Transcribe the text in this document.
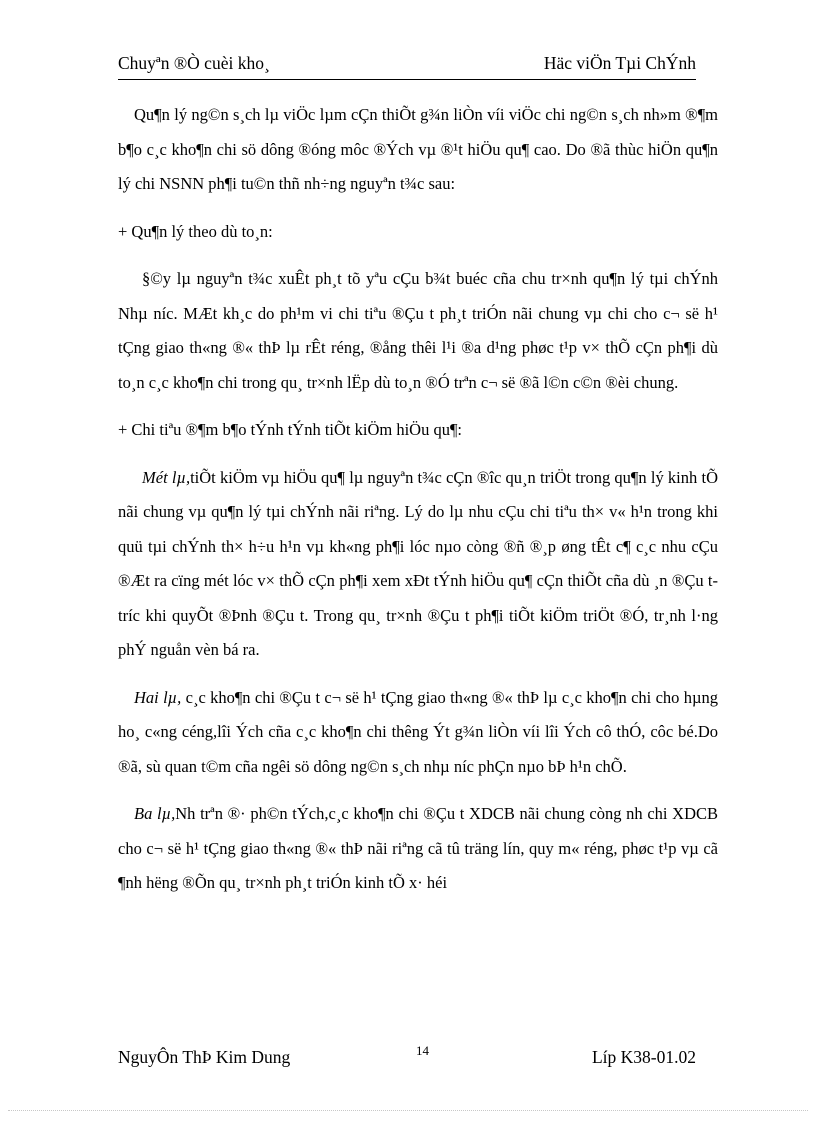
Chuyªn ®Ò cuèi kho¸	Häc viÖn Tµi ChÝnh

Qu¶n lý ng©n s¸ch lµ viÖc lµm cÇn thiÕt g¾n liÒn víi viÖc chi ng©n s¸ch nh»m ®¶m b¶o c¸c kho¶n chi sö dông ®óng môc ®Ých vµ ®¹t hiÖu qu¶ cao. Do ®ã thùc hiÖn qu¶n lý chi NSNN ph¶i tu©n thñ nh÷ng nguyªn t¾c sau:

+ Qu¶n lý theo dù to¸n:

§©y lµ nguyªn t¾c xuÊt ph¸t tõ yªu cÇu b¾t buéc cña chu tr×nh qu¶n lý tµi chÝnh Nhµ níc. MÆt kh¸c do ph¹m vi chi tiªu ®Çu t ph¸t triÓn nãi chung vµ chi cho c¬ së h¹ tÇng giao th«ng ®« thÞ lµ rÊt réng, ®ång thêi l¹i ®a d¹ng phøc t¹p v× thÕ cÇn ph¶i dù to¸n c¸c kho¶n chi trong qu¸ tr×nh lËp dù to¸n ®Ó trªn c¬ së ®ã l©n c©n ®èi chung.

+ Chi tiªu ®¶m b¶o tÝnh tÝnh tiÕt kiÖm hiÖu qu¶:

Mét lµ,tiÕt kiÖm vµ hiÖu qu¶ lµ nguyªn t¾c cÇn ®îc qu¸n triÖt trong qu¶n lý kinh tÕ nãi chung vµ qu¶n lý tµi chÝnh nãi riªng. Lý do lµ nhu cÇu chi tiªu th× v« h¹n trong khi quü tµi chÝnh th× h÷u h¹n vµ kh«ng ph¶i lóc nµo còng ®ñ ®¸p øng tÊt c¶ c¸c nhu cÇu ®Æt ra cïng mét lóc v× thÕ cÇn ph¶i xem xÐt tÝnh hiÖu qu¶ cÇn thiÕt cña dù ¸n ®Çu t tríc khi quyÕt ®Þnh ®Çu t. Trong qu¸ tr×nh ®Çu t ph¶i tiÕt kiÖm triÖt ®Ó, tr¸nh l·ng phÝ nguån vèn bá ra.

Hai lµ, c¸c kho¶n chi ®Çu t c¬ së h¹ tÇng giao th«ng ®« thÞ lµ c¸c kho¶n chi cho hµng ho¸ c«ng céng,lîi Ých cña c¸c kho¶n chi thêng Ýt g¾n liÒn víi lîi Ých cô thÓ, côc bé.Do ®ã, sù quan t©m cña ngêi sö dông ng©n s¸ch nhµ níc phÇn nµo bÞ h¹n chÕ.

Ba lµ,Nh trªn ®· ph©n tÝch,c¸c kho¶n chi ®Çu t XDCB nãi chung còng nh chi XDCB cho c¬ së h¹ tÇng giao th«ng ®« thÞ nãi riªng cã tû träng lín, quy m« réng, phøc t¹p vµ cã ¶nh hëng ®Õn qu¸ tr×nh ph¸t triÓn kinh tÕ x· héi

NguyÔn ThÞ Kim Dung	14	Líp K38-01.02
